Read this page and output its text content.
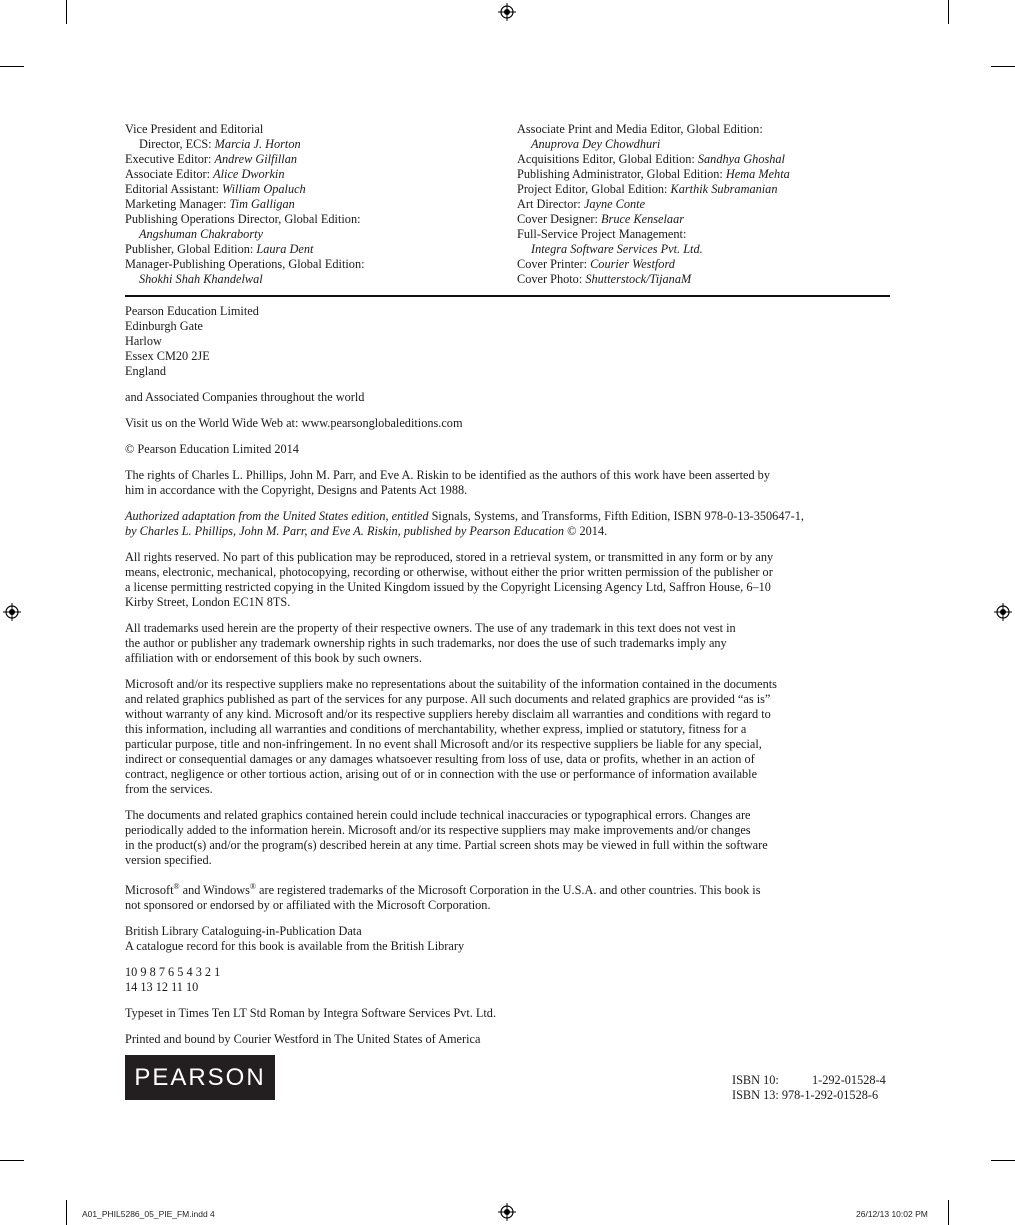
Vice President and Editorial
Director, ECS: Marcia J. Horton
Executive Editor: Andrew Gilfillan
Associate Editor: Alice Dworkin
Editorial Assistant: William Opaluch
Marketing Manager: Tim Galligan
Publishing Operations Director, Global Edition:
Angshuman Chakraborty
Publisher, Global Edition: Laura Dent
Manager-Publishing Operations, Global Edition:
Shokhi Shah Khandelwal
Associate Print and Media Editor, Global Edition:
Anuprova Dey Chowdhuri
Acquisitions Editor, Global Edition: Sandhya Ghoshal
Publishing Administrator, Global Edition: Hema Mehta
Project Editor, Global Edition: Karthik Subramanian
Art Director: Jayne Conte
Cover Designer: Bruce Kenselaar
Full-Service Project Management:
Integra Software Services Pvt. Ltd.
Cover Printer: Courier Westford
Cover Photo: Shutterstock/TijanaM

Pearson Education Limited
Edinburgh Gate
Harlow
Essex CM20 2JE
England

and Associated Companies throughout the world

Visit us on the World Wide Web at: www.pearsonglobaleditions.com

© Pearson Education Limited 2014

The rights of Charles L. Phillips, John M. Parr, and Eve A. Riskin to be identified as the authors of this work have been asserted by
him in accordance with the Copyright, Designs and Patents Act 1988.

Authorized adaptation from the United States edition, entitled Signals, Systems, and Transforms, Fifth Edition, ISBN 978-0-13-350647-1,
by Charles L. Phillips, John M. Parr, and Eve A. Riskin, published by Pearson Education © 2014.

All rights reserved. No part of this publication may be reproduced, stored in a retrieval system, or transmitted in any form or by any
means, electronic, mechanical, photocopying, recording or otherwise, without either the prior written permission of the publisher or
a license permitting restricted copying in the United Kingdom issued by the Copyright Licensing Agency Ltd, Saffron House, 6–10
Kirby Street, London EC1N 8TS.

All trademarks used herein are the property of their respective owners. The use of any trademark in this text does not vest in
the author or publisher any trademark ownership rights in such trademarks, nor does the use of such trademarks imply any
affiliation with or endorsement of this book by such owners.

Microsoft and/or its respective suppliers make no representations about the suitability of the information contained in the documents
and related graphics published as part of the services for any purpose. All such documents and related graphics are provided “as is”
without warranty of any kind. Microsoft and/or its respective suppliers hereby disclaim all warranties and conditions with regard to
this information, including all warranties and conditions of merchantability, whether express, implied or statutory, fitness for a
particular purpose, title and non-infringement. In no event shall Microsoft and/or its respective suppliers be liable for any special,
indirect or consequential damages or any damages whatsoever resulting from loss of use, data or profits, whether in an action of
contract, negligence or other tortious action, arising out of or in connection with the use or performance of information available
from the services.

The documents and related graphics contained herein could include technical inaccuracies or typographical errors. Changes are
periodically added to the information herein. Microsoft and/or its respective suppliers may make improvements and/or changes
in the product(s) and/or the program(s) described herein at any time. Partial screen shots may be viewed in full within the software
version specified.

Microsoft® and Windows® are registered trademarks of the Microsoft Corporation in the U.S.A. and other countries. This book is
not sponsored or endorsed by or affiliated with the Microsoft Corporation.

British Library Cataloguing-in-Publication Data
A catalogue record for this book is available from the British Library

10 9 8 7 6 5 4 3 2 1
14 13 12 11 10

Typeset in Times Ten LT Std Roman by Integra Software Services Pvt. Ltd.

Printed and bound by Courier Westford in The United States of America

PEARSON	ISBN 10:	1-292-01528-4
ISBN 13: 978-1-292-01528-6
A01_PHIL5286_05_PIE_FM.indd 4	26/12/13 10:02 PM
